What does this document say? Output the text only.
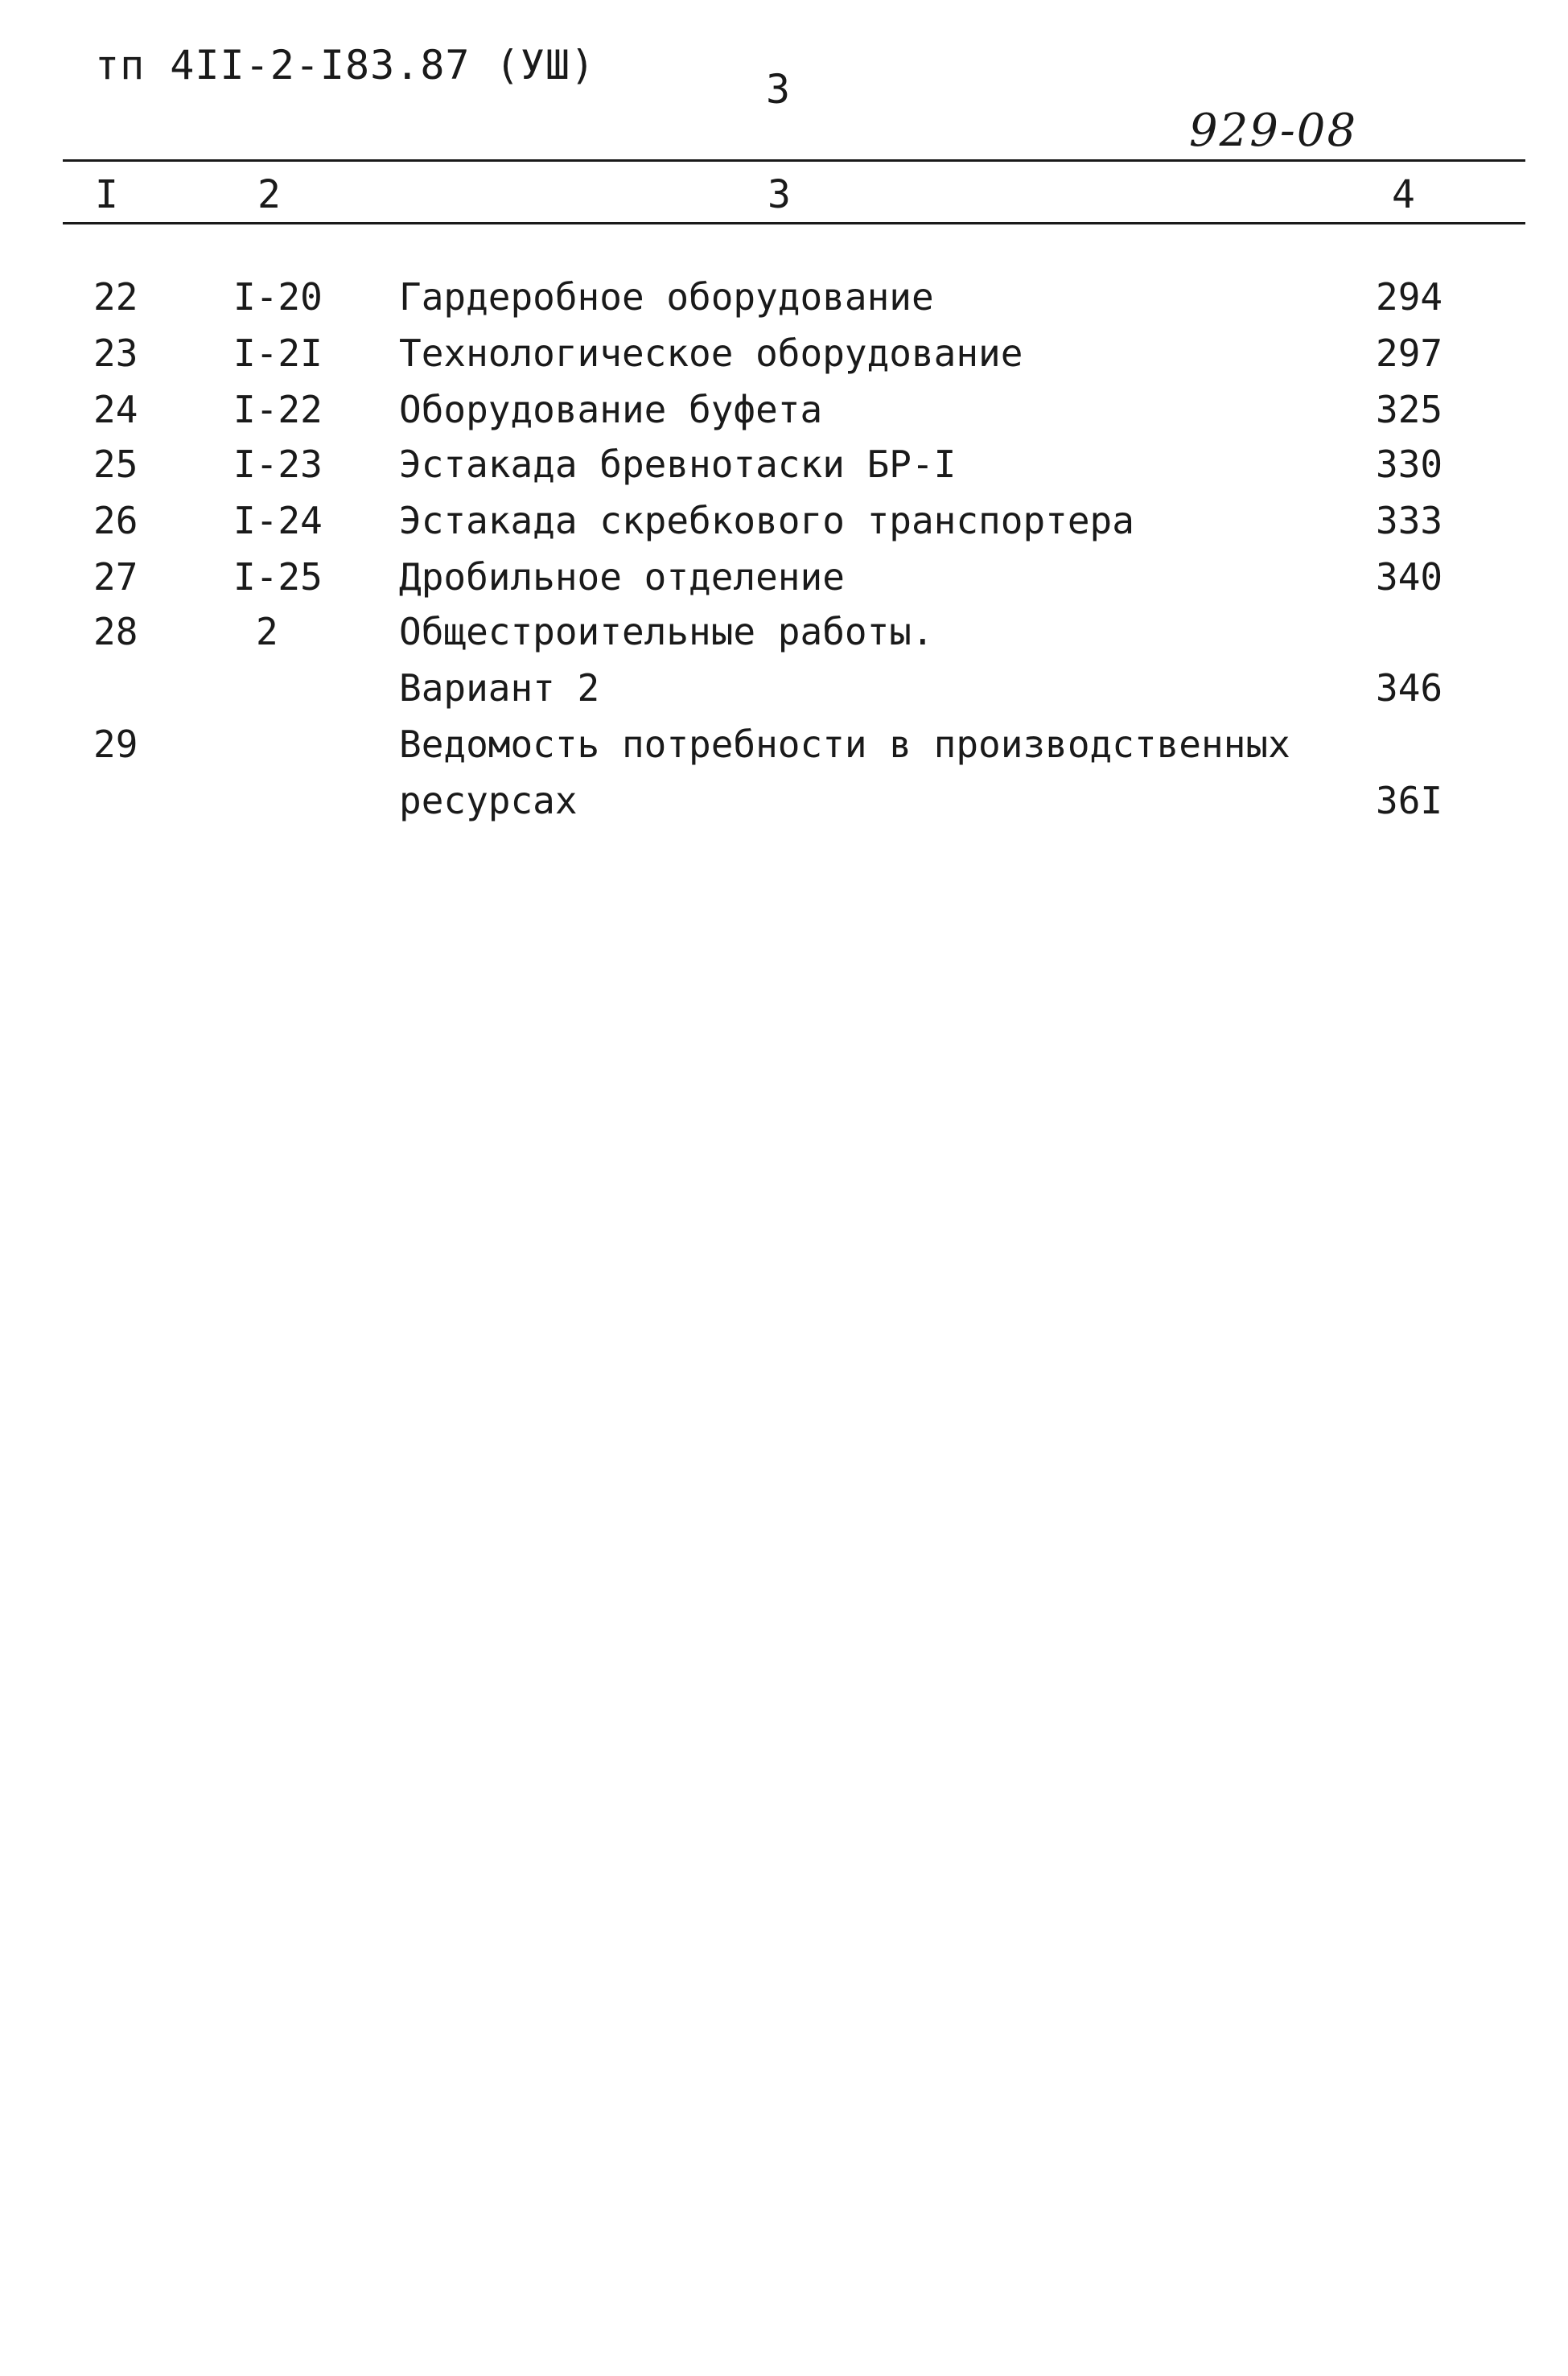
тп 4II-2-I83.87 (УШ)
3
929-08
I	2	3	4
22	I-20 Гардеробное оборудование	294
23	I-2I Технологическое оборудование	297
24	I-22 Оборудование буфета	325
25	I-23 Эстакада бревнотаски БР-I	330
26	I-24 Эстакада скребкового транспортера	333
27	I-25 Дробильное отделение	340
28	2	Общестроительные работы.
Вариант 2	346
29	Ведомость потребности в производственных
ресурсах	36I
